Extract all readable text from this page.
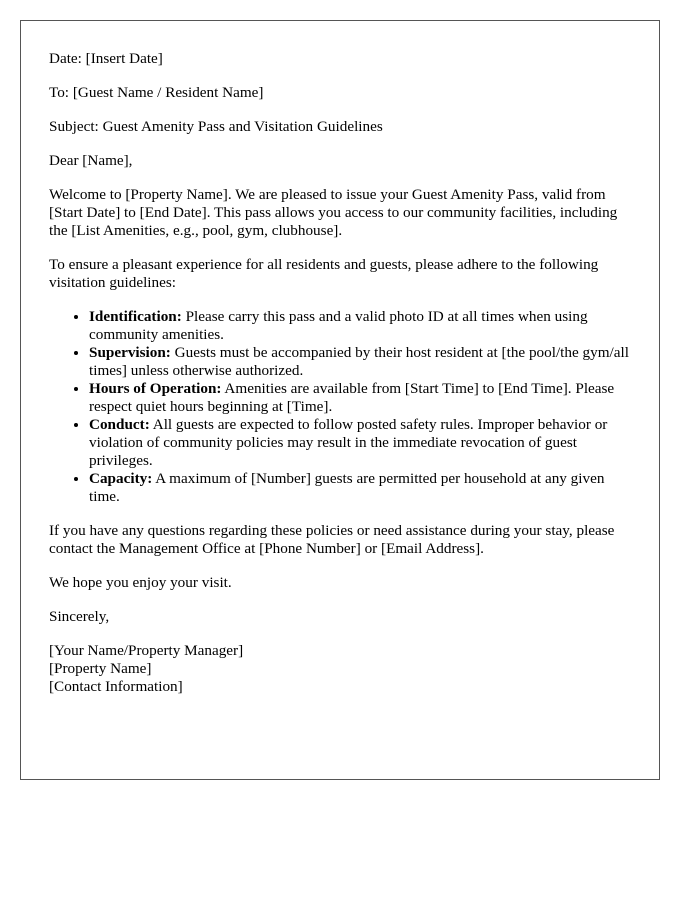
Date: [Insert Date]

To: [Guest Name / Resident Name]

Subject: Guest Amenity Pass and Visitation Guidelines

Dear [Name],

Welcome to [Property Name]. We are pleased to issue your Guest Amenity Pass, valid from [Start Date] to [End Date]. This pass allows you access to our community facilities, including the [List Amenities, e.g., pool, gym, clubhouse].

To ensure a pleasant experience for all residents and guests, please adhere to the following visitation guidelines:

• Identification: Please carry this pass and a valid photo ID at all times when using community amenities.
• Supervision: Guests must be accompanied by their host resident at [the pool/the gym/all times] unless otherwise authorized.
• Hours of Operation: Amenities are available from [Start Time] to [End Time]. Please respect quiet hours beginning at [Time].
• Conduct: All guests are expected to follow posted safety rules. Improper behavior or violation of community policies may result in the immediate revocation of guest privileges.
• Capacity: A maximum of [Number] guests are permitted per household at any given time.

If you have any questions regarding these policies or need assistance during your stay, please contact the Management Office at [Phone Number] or [Email Address].

We hope you enjoy your visit.

Sincerely,

[Your Name/Property Manager]
[Property Name]
[Contact Information]
